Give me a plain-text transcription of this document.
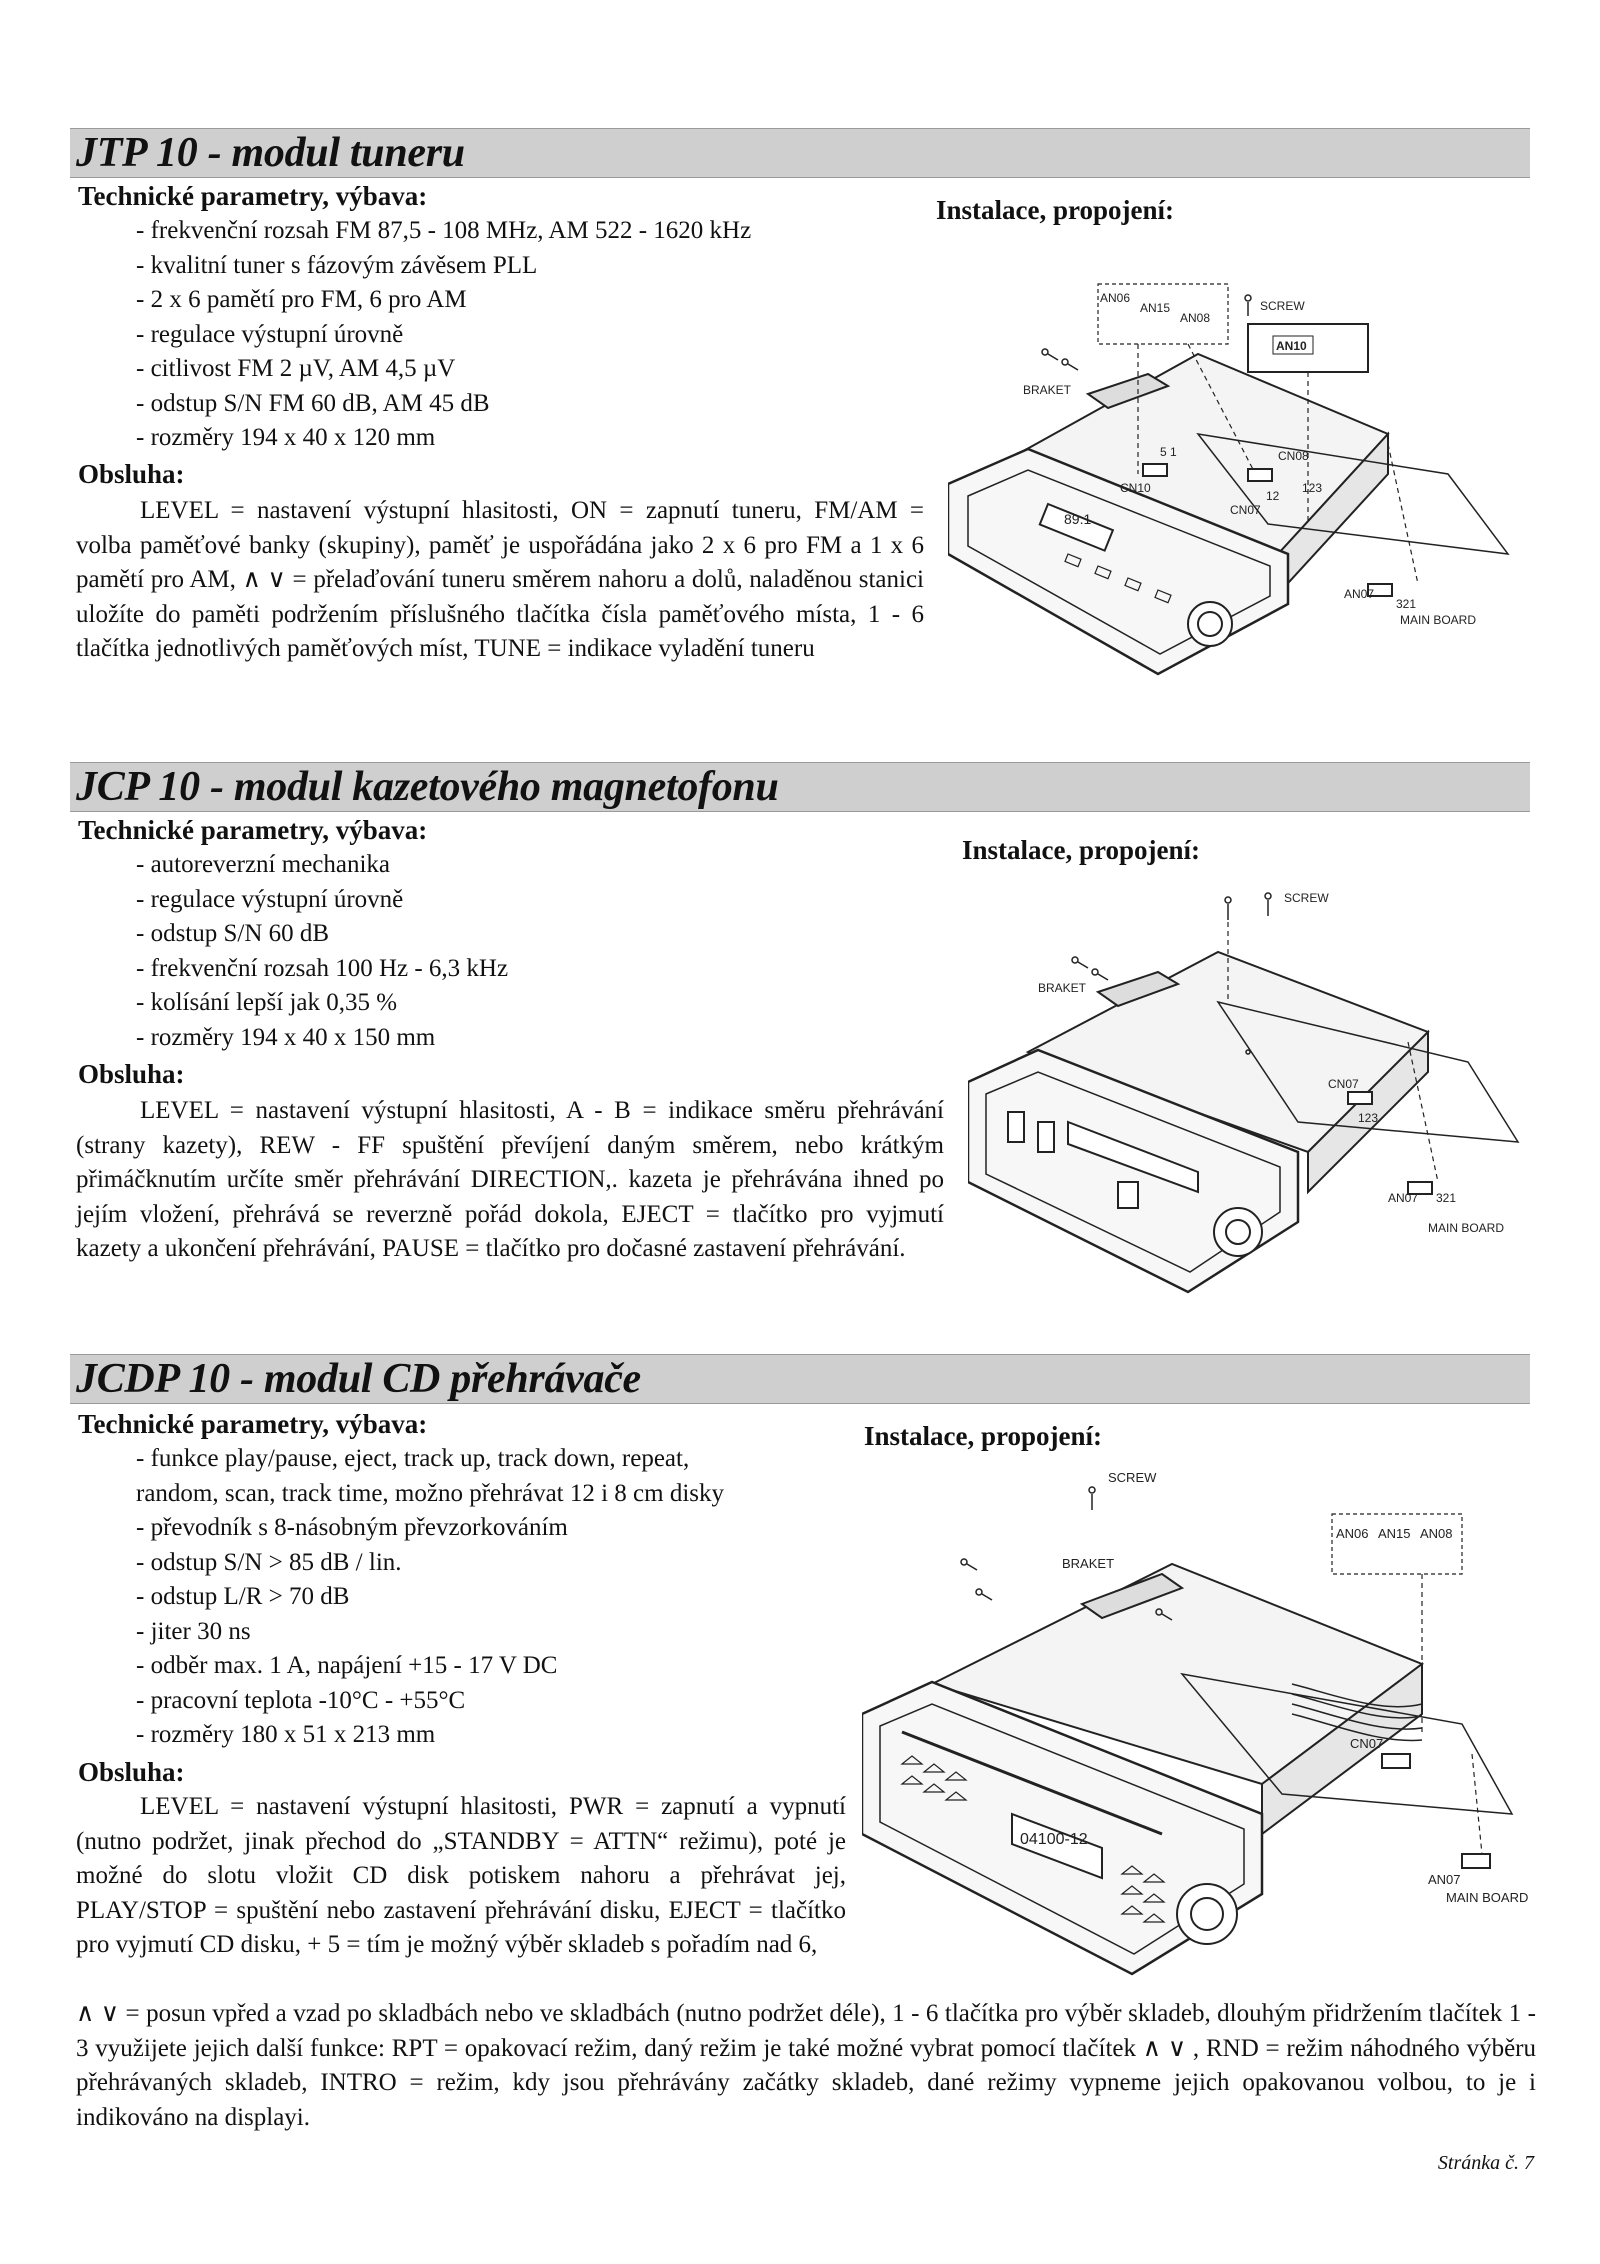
JTP 10 - modul tuneru
Technické parametry, výbava:
- frekvenční rozsah FM 87,5 - 108 MHz, AM 522 - 1620 kHz
- kvalitní tuner s fázovým závěsem PLL
- 2 x 6 pamětí pro FM, 6 pro AM
- regulace výstupní úrovně
- citlivost FM 2 µV, AM 4,5 µV
- odstup S/N FM 60 dB, AM 45 dB
- rozměry 194 x 40 x 120 mm
Obsluha:

LEVEL = nastavení výstupní hlasitosti, ON = zapnutí tuneru, FM/AM = volba paměťové banky (skupiny), paměť je uspořádána jako 2 x 6 pro FM a 1 x 6 pamětí pro AM, ∧ ∨ = přelaďování tuneru směrem nahoru a dolů, naladěnou stanici uložíte do paměti podržením příslušného tlačítka čísla paměťového místa, 1 - 6 tlačítka jednotlivých paměťových míst, TUNE = indikace vyladění tuneru

Instalace, propojení:
AN06
AN15
AN08
SCREW
AN10
BRAKET
CN10
5 1	CN08
123
CN07
12
AN07
321
MAIN BOARD
89.1
JCP 10 - modul kazetového magnetofonu
Technické parametry, výbava:
- autoreverzní mechanika
- regulace výstupní úrovně
- odstup S/N 60 dB
- frekvenční rozsah 100 Hz - 6,3 kHz
- kolísání lepší jak 0,35 %
- rozměry 194 x 40 x 150 mm
Obsluha:

LEVEL = nastavení výstupní hlasitosti, A - B = indikace směru přehrávání (strany kazety), REW - FF spuštění převíjení daným směrem, nebo krátkým přimáčknutím určíte směr přehrávání DIRECTION,. kazeta je přehrávána ihned po jejím vložení, přehrává se reverzně pořád dokola, EJECT = tlačítko pro vyjmutí kazety a ukončení přehrávání, PAUSE = tlačítko pro dočasné zastavení přehrávání.

Instalace, propojení:
SCREW
BRAKET
CN07
123
AN07 321
MAIN BOARD
JCDP 10 - modul CD přehrávače
Technické parametry, výbava:
- funkce play/pause, eject, track up, track down, repeat,
random, scan, track time, možno přehrávat 12 i 8 cm disky
- převodník s 8-násobným převzorkováním
- odstup S/N > 85 dB / lin.
- odstup L/R > 70 dB
- jiter 30 ns
- odběr max. 1 A, napájení +15 - 17 V DC
- pracovní teplota -10°C - +55°C
- rozměry 180 x 51 x 213 mm
Obsluha:

LEVEL = nastavení výstupní hlasitosti, PWR = zapnutí a vypnutí (nutno podržet, jinak přechod do „STANDBY = ATTN“ režimu), poté je možné do slotu vložit CD disk potiskem nahoru a přehrávat jej, PLAY/STOP = spuštění nebo zastavení přehrávání disku, EJECT = tlačítko pro vyjmutí CD disku, + 5 = tím je možný výběr skladeb s pořadím nad 6,

∧ ∨ = posun vpřed a vzad po skladbách nebo ve skladbách (nutno podržet déle), 1 - 6 tlačítka pro výběr skladeb, dlouhým přidržením tlačítek 1 - 3 využijete jejich další funkce: RPT = opakovací režim, daný režim je také možné vybrat pomocí tlačítek ∧ ∨ , RND = režim náhodného výběru přehrávaných skladeb, INTRO = režim, kdy jsou přehrávány začátky skladeb, dané režimy vypneme jejich opakovanou volbou, to je i indikováno na displayi.

Instalace, propojení:
SCREW
AN06 AN15 AN08
BRAKET
CN07
AN07
MAIN BOARD
04100-12
Stránka č. 7
